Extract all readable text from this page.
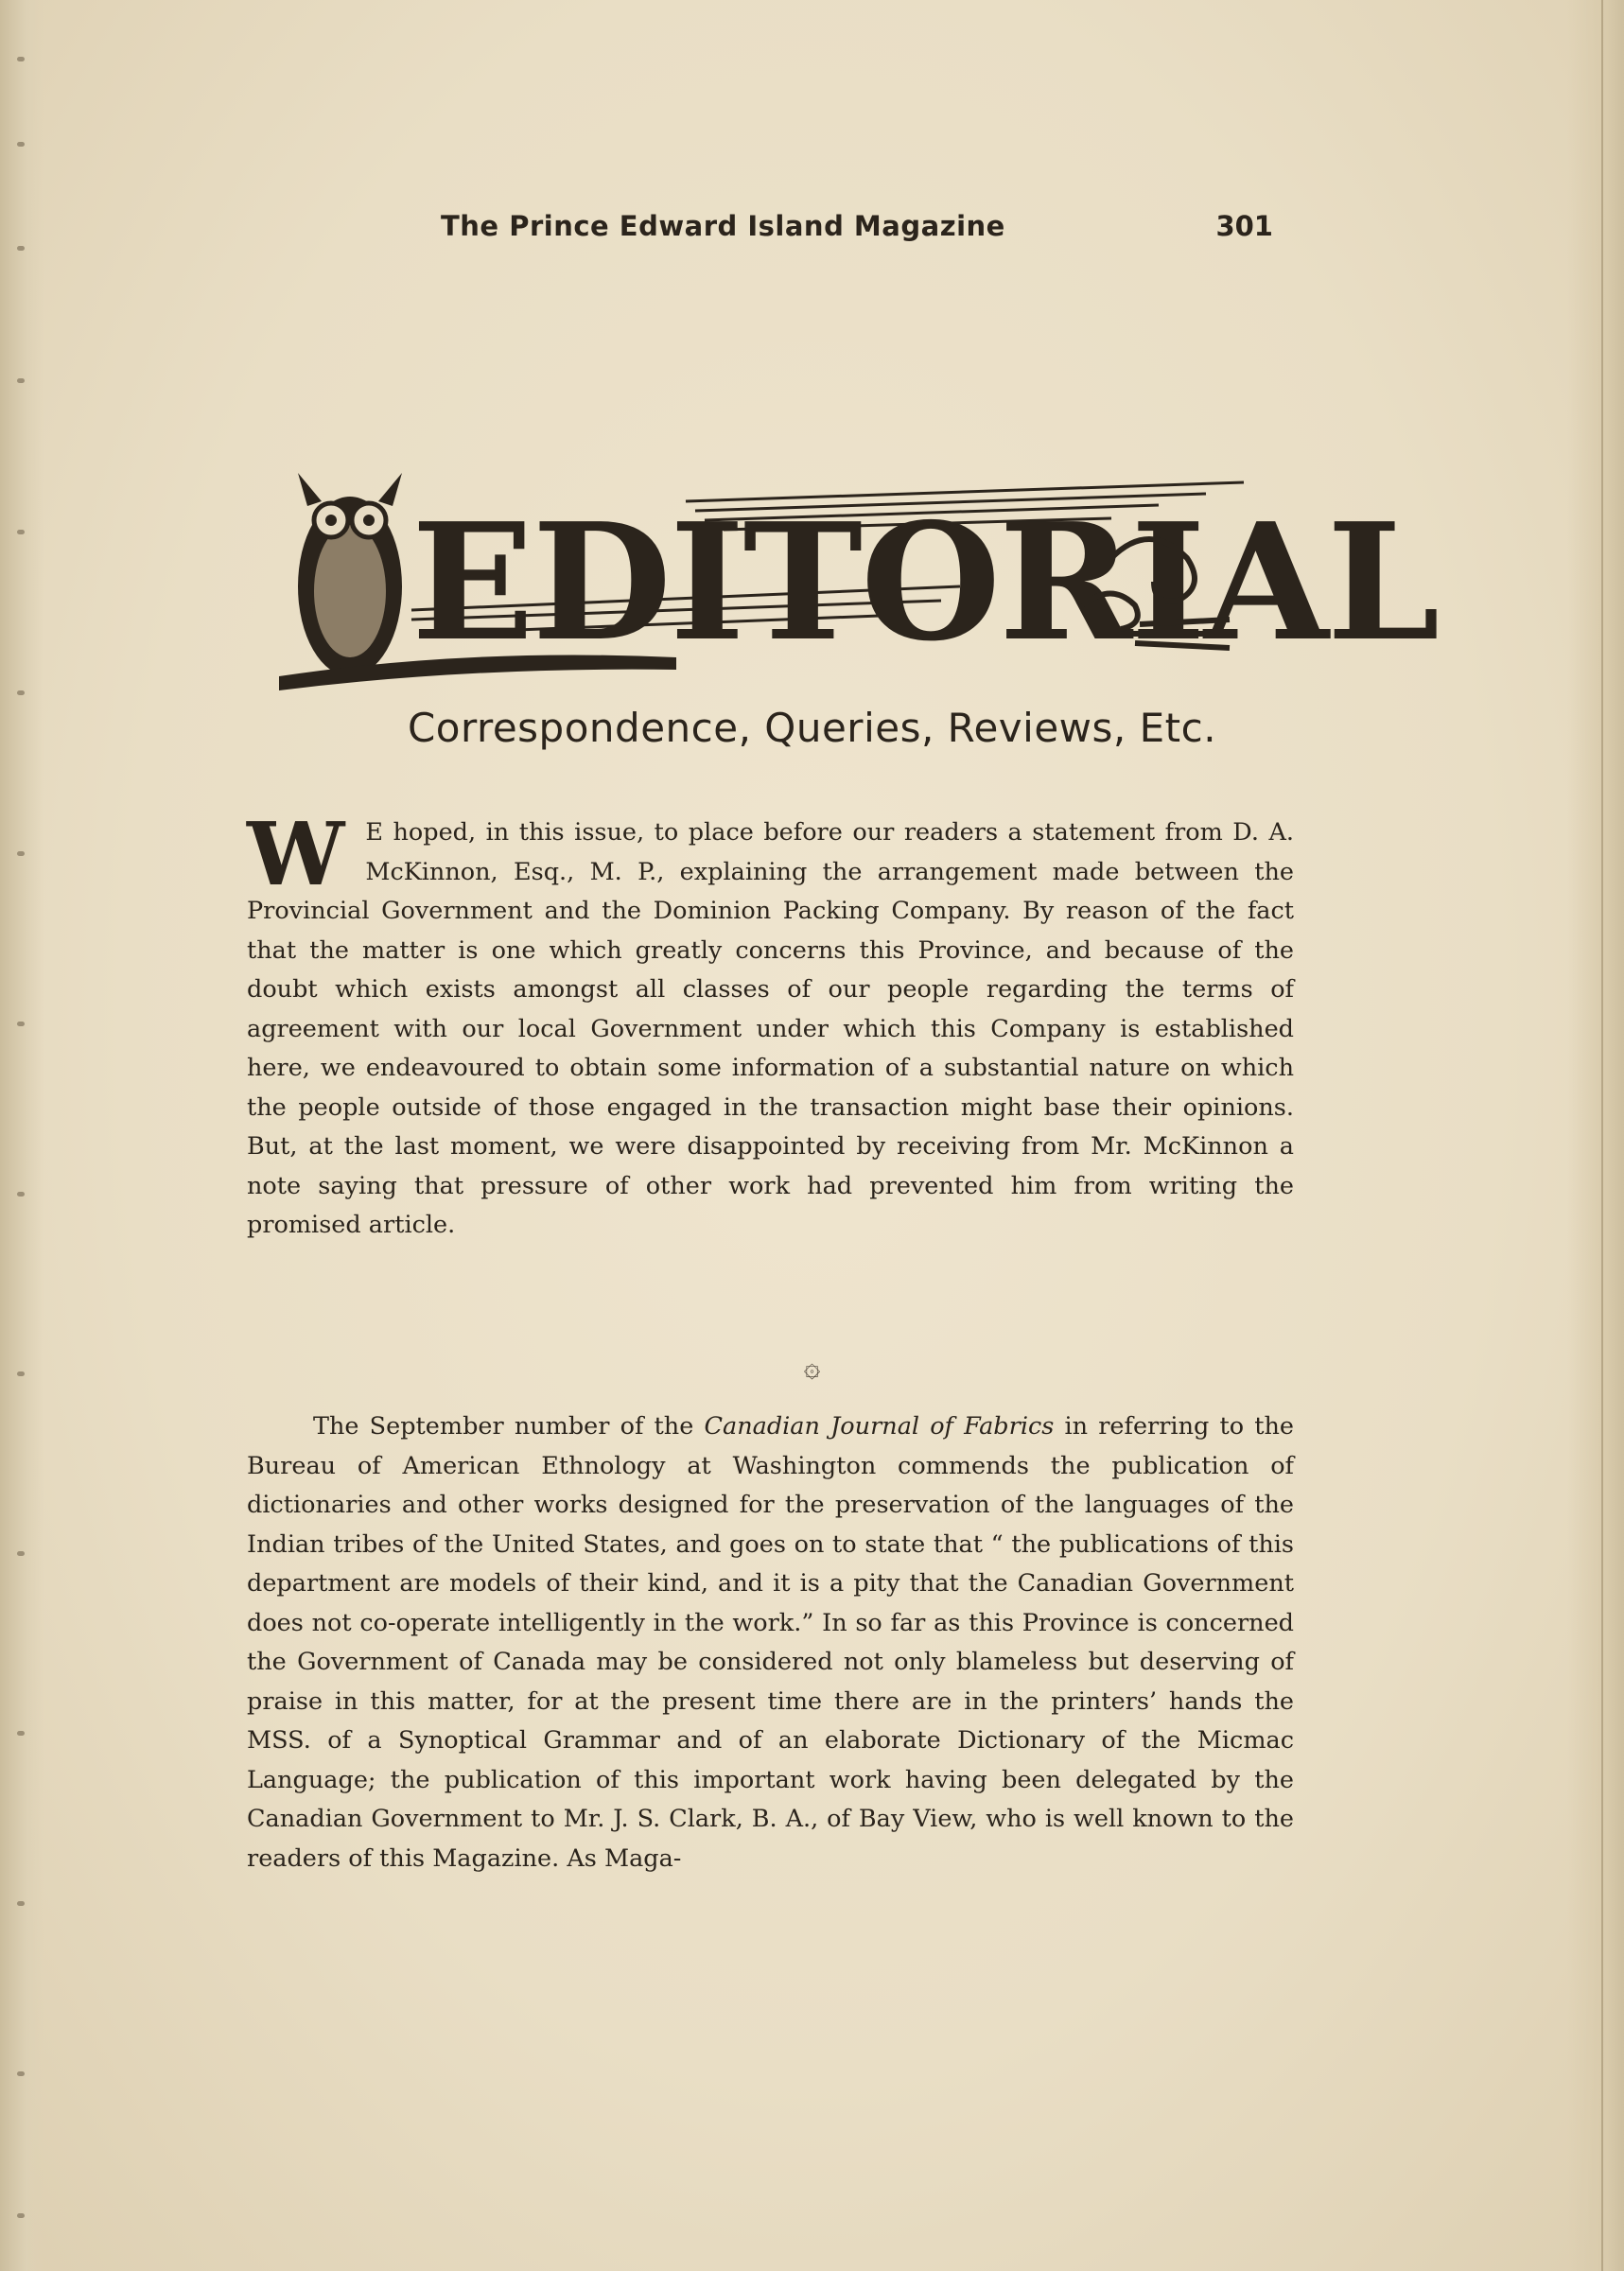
The Prince Edward Island Magazine	301
EDITORIAL
Correspondence, Queries, Reviews, Etc.

W E hoped, in this issue, to place before our readers a statement from D. A. McKinnon, Esq., M. P., explaining the arrangement made between the Provincial Government and the Dominion Packing Company. By reason of the fact that the matter is one which greatly concerns this Province, and because of the doubt which exists amongst all classes of our people regarding the terms of agreement with our local Government under which this Company is established here, we endeavoured to obtain some information of a substantial nature on which the people outside of those engaged in the transaction might base their opinions. But, at the last moment, we were disappointed by receiving from Mr. McKinnon a note saying that pressure of other work had prevented him from writing the promised article.

۞

The September number of the Canadian Journal of Fabrics in referring to the Bureau of American Ethnology at Washington commends the publication of dictionaries and other works designed for the preservation of the languages of the Indian tribes of the United States, and goes on to state that “ the publications of this department are models of their kind, and it is a pity that the Canadian Government does not co-operate intelligently in the work.” In so far as this Province is concerned the Government of Canada may be considered not only blameless but deserving of praise in this matter, for at the present time there are in the printers’ hands the MSS. of a Synoptical Grammar and of an elaborate Dictionary of the Micmac Language; the publication of this important work having been delegated by the Canadian Government to Mr. J. S. Clark, B. A., of Bay View, who is well known to the readers of this Magazine. As Maga-
